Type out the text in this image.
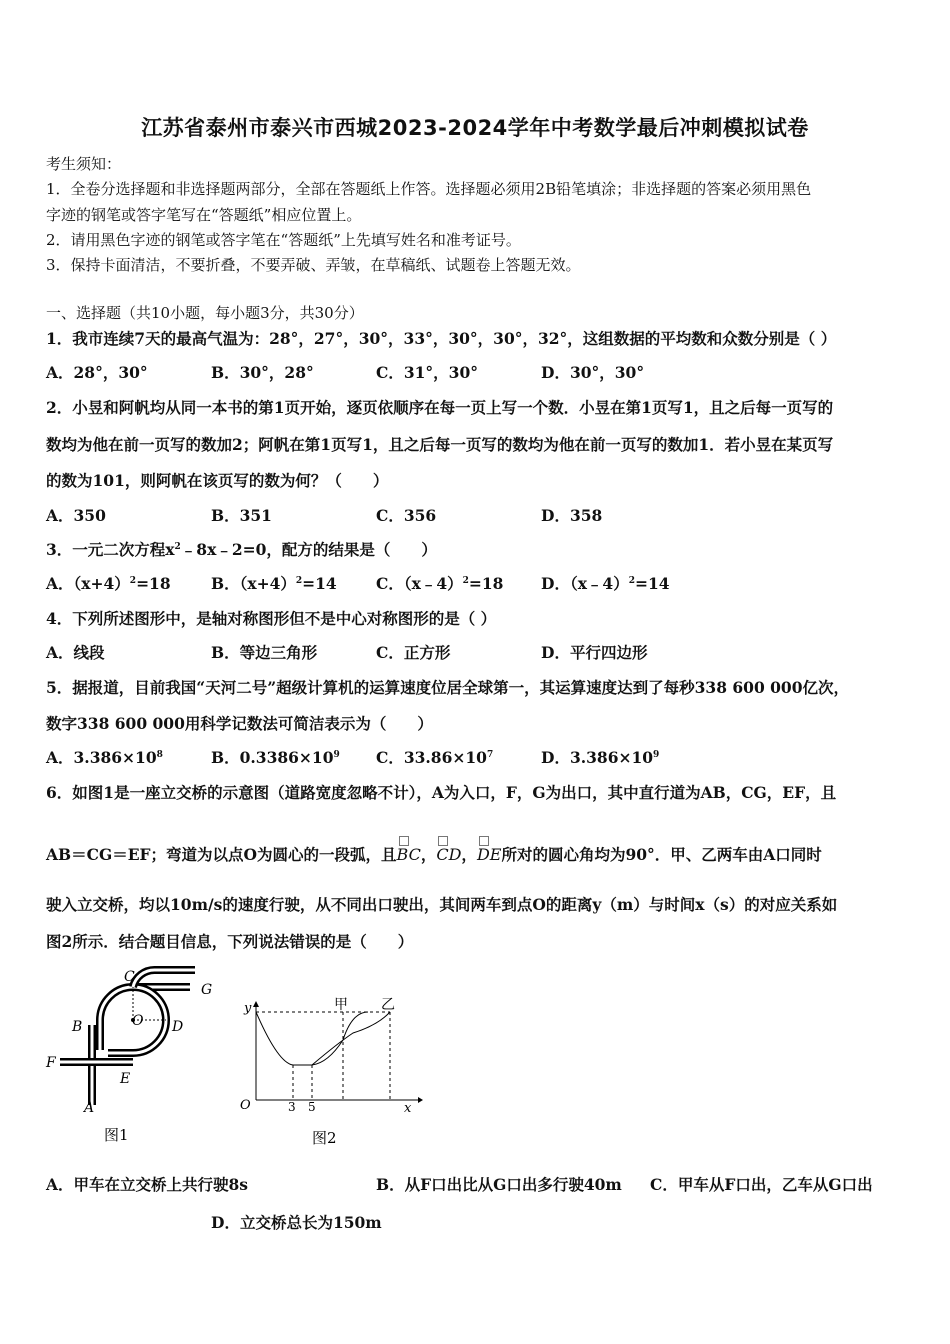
江苏省泰州市泰兴市西城2023-2024学年中考数学最后冲刺模拟试卷
考生须知：
1．全卷分选择题和非选择题两部分，全部在答题纸上作答。选择题必须用2B铅笔填涂；非选择题的答案必须用黑色
字迹的钢笔或答字笔写在“答题纸”相应位置上。
2．请用黑色字迹的钢笔或答字笔在“答题纸”上先填写姓名和准考证号。
3．保持卡面清洁，不要折叠，不要弄破、弄皱，在草稿纸、试题卷上答题无效。
一、选择题（共10小题，每小题3分，共30分）
1．我市连续7天的最高气温为：28°，27°，30°，33°，30°，30°，32°，这组数据的平均数和众数分别是（ ）
A．28°，30°	B．30°，28°	C．31°，30°	D．30°，30°
2．小昱和阿帆均从同一本书的第1页开始，逐页依顺序在每一页上写一个数．小昱在第1页写1，且之后每一页写的
数均为他在前一页写的数加2；阿帆在第1页写1，且之后每一页写的数均为他在前一页写的数加1．若小昱在某页写
的数为101，则阿帆在该页写的数为何？（　　）
A．350	B．351	C．356	D．358
3．一元二次方程$x^2﹣8x﹣2=0$，配方的结果是（　　）
A．$(x+4)^2=18$	B．$(x+4)^2=14$	C．（x﹣4）$^2$=18 D．（x﹣4）$^2$=14
4．下列所述图形中，是轴对称图形但不是中心对称图形的是（ ）
A．线段	B．等边三角形	C．正方形	D．平行四边形
5．据报道，目前我国“天河二号”超级计算机的运算速度位居全球第一，其运算速度达到了每秒338 600 000亿次，
数字338 600 000用科学记数法可简洁表示为（　　）
A．$3.386\times 10^8$	B．$0.3386\times 10^9$ C．$33.86\times 10^7$	D．$3.386\times 10^9$
6．如图1是一座立交桥的示意图（道路宽度忽略不计），A为入口，F，G为出口，其中直行道为AB，CG，EF，且
AB＝CG＝EF；弯道为以点O为圆心的一段弧，且BC，CD，DE所对的圆心角均为90°．甲、乙两车由A口同时
驶入立交桥，均以10m/s的速度行驶，从不同出口驶出，其间两车到点O的距离y（m）与时间x（s）的对应关系如
图2所示．结合题目信息，下列说法错误的是（　　）
C
G
B	O D
F
E
A
图1
y	甲 乙
O	3 5	x
图2
A．甲车在立交桥上共行驶8s	B．从F口出比从G口出多行驶40m C．甲车从F口出，乙车从G口出
D．立交桥总长为150m
